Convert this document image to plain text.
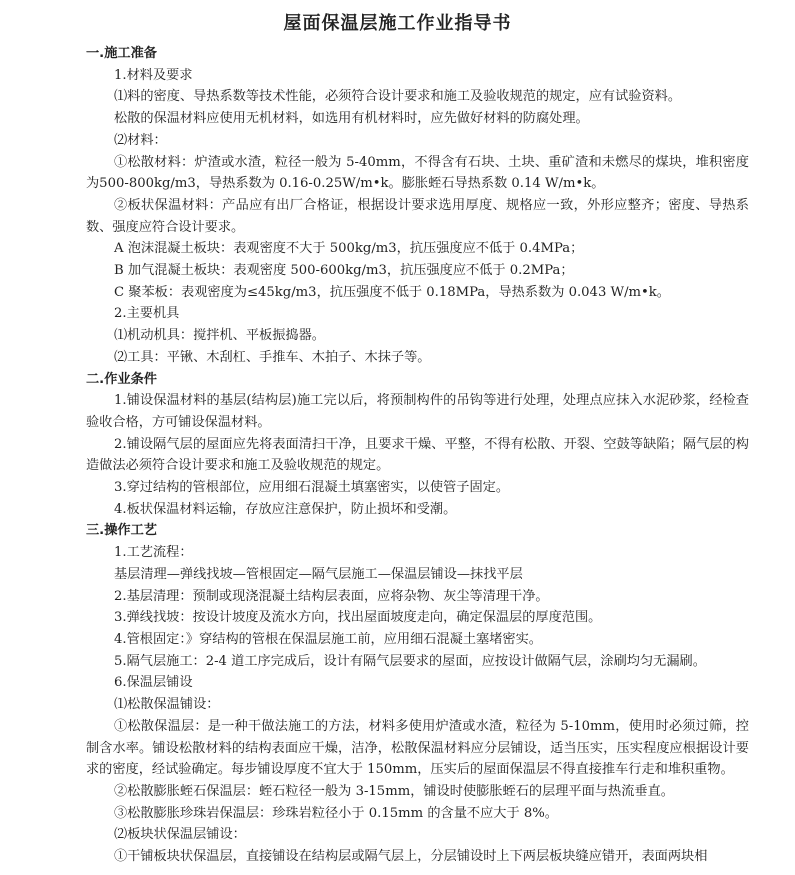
屋面保温层施工作业指导书
一.施工准备

1.材料及要求

⑴料的密度、导热系数等技术性能，必须符合设计要求和施工及验收规范的规定，应有试验资料。

松散的保温材料应使用无机材料，如选用有机材料时，应先做好材料的防腐处理。

⑵材料：

①松散材料：炉渣或水渣，粒径一般为 5-40mm，不得含有石块、土块、重矿渣和未燃尽的煤块，堆积密度为500-800kg/m3，导热系数为 0.16-0.25W/m•k。膨胀蛭石导热系数 0.14 W/m•k。

②板状保温材料：产品应有出厂合格证，根据设计要求选用厚度、规格应一致，外形应整齐；密度、导热系数、强度应符合设计要求。

A 泡沫混凝土板块：表观密度不大于 500kg/m3，抗压强度应不低于 0.4MPa；

B 加气混凝土板块：表观密度 500-600kg/m3，抗压强度应不低于 0.2MPa；

C 聚苯板：表观密度为≤45kg/m3，抗压强度不低于 0.18MPa，导热系数为 0.043 W/m•k。

2.主要机具

⑴机动机具：搅拌机、平板振捣器。

⑵工具：平锹、木刮杠、手推车、木拍子、木抹子等。

二.作业条件

1.铺设保温材料的基层(结构层)施工完以后，将预制构件的吊钩等进行处理，处理点应抹入水泥砂浆，经检查验收合格，方可铺设保温材料。

2.铺设隔气层的屋面应先将表面清扫干净，且要求干燥、平整，不得有松散、开裂、空鼓等缺陷；隔气层的构造做法必须符合设计要求和施工及验收规范的规定。

3.穿过结构的管根部位，应用细石混凝土填塞密实，以使管子固定。

4.板状保温材料运输，存放应注意保护，防止损坏和受潮。

三.操作工艺

1.工艺流程：

基层清理—弹线找坡—管根固定—隔气层施工—保温层铺设—抹找平层

2.基层清理：预制或现浇混凝土结构层表面，应将杂物、灰尘等清理干净。

3.弹线找坡：按设计坡度及流水方向，找出屋面坡度走向，确定保温层的厚度范围。

4.管根固定：》穿结构的管根在保温层施工前，应用细石混凝土塞堵密实。

5.隔气层施工：2-4 道工序完成后，设计有隔气层要求的屋面，应按设计做隔气层，涂刷均匀无漏刷。

6.保温层铺设

⑴松散保温铺设：

①松散保温层：是一种干做法施工的方法，材料多使用炉渣或水渣，粒径为 5-10mm，使用时必须过筛，控制含水率。铺设松散材料的结构表面应干燥，洁净，松散保温材料应分层铺设，适当压实，压实程度应根据设计要求的密度，经试验确定。每步铺设厚度不宜大于 150mm，压实后的屋面保温层不得直接推车行走和堆积重物。

②松散膨胀蛭石保温层：蛭石粒径一般为 3-15mm，铺设时使膨胀蛭石的层理平面与热流垂直。

③松散膨胀珍珠岩保温层：珍珠岩粒径小于 0.15mm 的含量不应大于 8%。

⑵板块状保温层铺设：

①干铺板块状保温层，直接铺设在结构层或隔气层上，分层铺设时上下两层板块缝应错开，表面两块相
